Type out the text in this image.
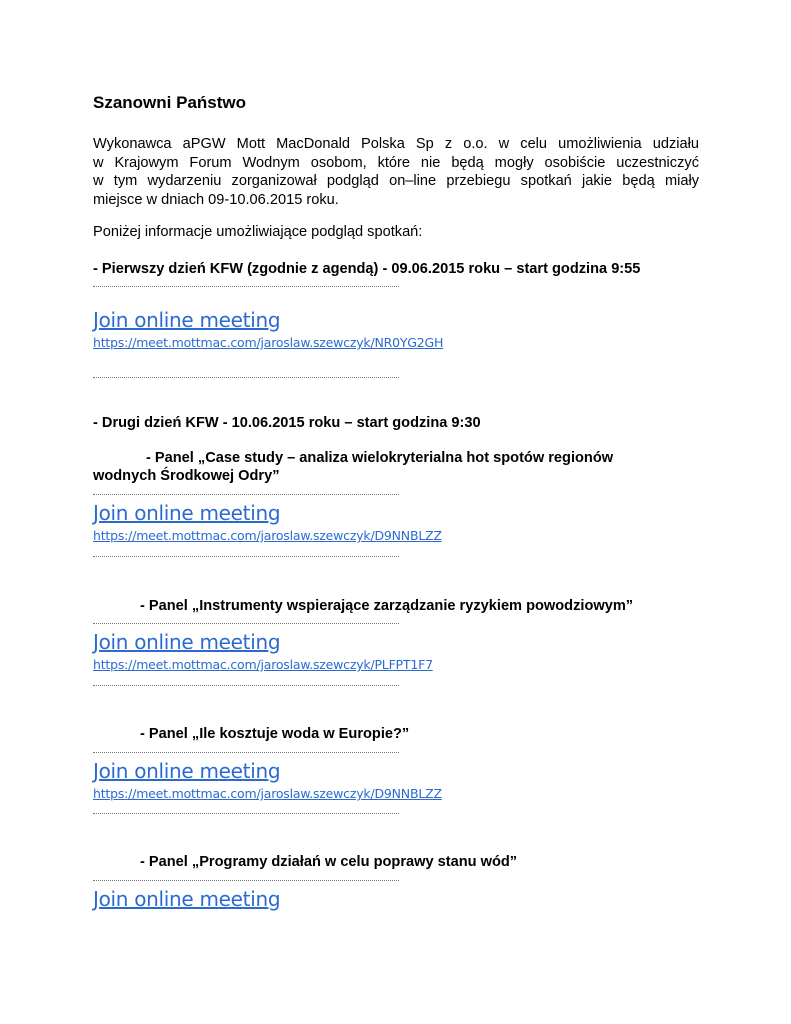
Szanowni Państwo
Wykonawca aPGW Mott MacDonald Polska Sp z o.o. w celu umożliwienia udziału
w Krajowym Forum Wodnym osobom, które nie będą mogły osobiście uczestniczyć
w tym wydarzeniu zorganizował podgląd on–line przebiegu spotkań jakie będą miały
miejsce w dniach 09-10.06.2015 roku.
Poniżej informacje umożliwiające podgląd spotkań:
- Pierwszy dzień KFW (zgodnie z agendą) - 09.06.2015 roku – start godzina 9:55
Join online meeting
https://meet.mottmac.com/jaroslaw.szewczyk/NR0YG2GH
- Drugi dzień KFW - 10.06.2015 roku – start godzina 9:30
- Panel „Case study – analiza wielokryterialna hot spotów regionów
wodnych Środkowej Odry”
Join online meeting
https://meet.mottmac.com/jaroslaw.szewczyk/D9NNBLZZ
- Panel „Instrumenty wspierające zarządzanie ryzykiem powodziowym”
Join online meeting
https://meet.mottmac.com/jaroslaw.szewczyk/PLFPT1F7
- Panel „Ile kosztuje woda w Europie?”
Join online meeting
https://meet.mottmac.com/jaroslaw.szewczyk/D9NNBLZZ
- Panel „Programy działań w celu poprawy stanu wód”
Join online meeting
